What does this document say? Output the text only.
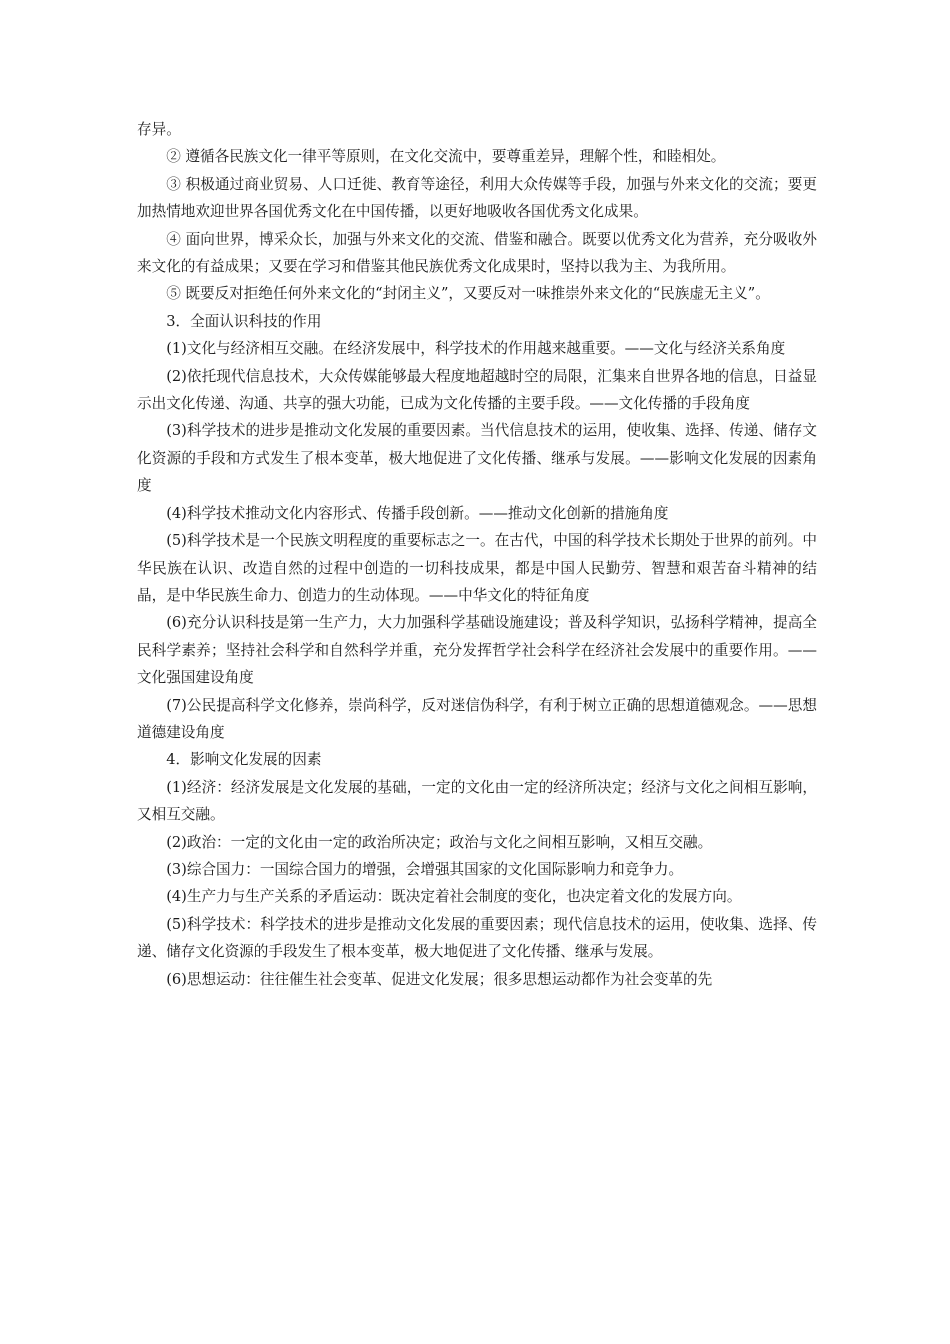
存异。

② 遵循各民族文化一律平等原则，在文化交流中，要尊重差异，理解个性，和睦相处。

③ 积极通过商业贸易、人口迁徙、教育等途径，利用大众传媒等手段，加强与外来文化的交流；要更加热情地欢迎世界各国优秀文化在中国传播，以更好地吸收各国优秀文化成果。

④ 面向世界，博采众长，加强与外来文化的交流、借鉴和融合。既要以优秀文化为营养，充分吸收外来文化的有益成果；又要在学习和借鉴其他民族优秀文化成果时，坚持以我为主、为我所用。

⑤ 既要反对拒绝任何外来文化的“封闭主义”，又要反对一味推崇外来文化的“民族虚无主义”。

3．全面认识科技的作用

(1)文化与经济相互交融。在经济发展中，科学技术的作用越来越重要。——文化与经济关系角度

(2)依托现代信息技术，大众传媒能够最大程度地超越时空的局限，汇集来自世界各地的信息，日益显示出文化传递、沟通、共享的强大功能，已成为文化传播的主要手段。——文化传播的手段角度

(3)科学技术的进步是推动文化发展的重要因素。当代信息技术的运用，使收集、选择、传递、储存文化资源的手段和方式发生了根本变革，极大地促进了文化传播、继承与发展。——影响文化发展的因素角度

(4)科学技术推动文化内容形式、传播手段创新。——推动文化创新的措施角度

(5)科学技术是一个民族文明程度的重要标志之一。在古代，中国的科学技术长期处于世界的前列。中华民族在认识、改造自然的过程中创造的一切科技成果，都是中国人民勤劳、智慧和艰苦奋斗精神的结晶，是中华民族生命力、创造力的生动体现。——中华文化的特征角度

(6)充分认识科技是第一生产力，大力加强科学基础设施建设；普及科学知识，弘扬科学精神，提高全民科学素养；坚持社会科学和自然科学并重，充分发挥哲学社会科学在经济社会发展中的重要作用。——文化强国建设角度

(7)公民提高科学文化修养，崇尚科学，反对迷信伪科学，有利于树立正确的思想道德观念。——思想道德建设角度

4．影响文化发展的因素

(1)经济：经济发展是文化发展的基础，一定的文化由一定的经济所决定；经济与文化之间相互影响，又相互交融。

(2)政治：一定的文化由一定的政治所决定；政治与文化之间相互影响，又相互交融。

(3)综合国力：一国综合国力的增强，会增强其国家的文化国际影响力和竞争力。

(4)生产力与生产关系的矛盾运动：既决定着社会制度的变化，也决定着文化的发展方向。

(5)科学技术：科学技术的进步是推动文化发展的重要因素；现代信息技术的运用，使收集、选择、传递、储存文化资源的手段发生了根本变革，极大地促进了文化传播、继承与发展。

(6)思想运动：往往催生社会变革、促进文化发展；很多思想运动都作为社会变革的先
